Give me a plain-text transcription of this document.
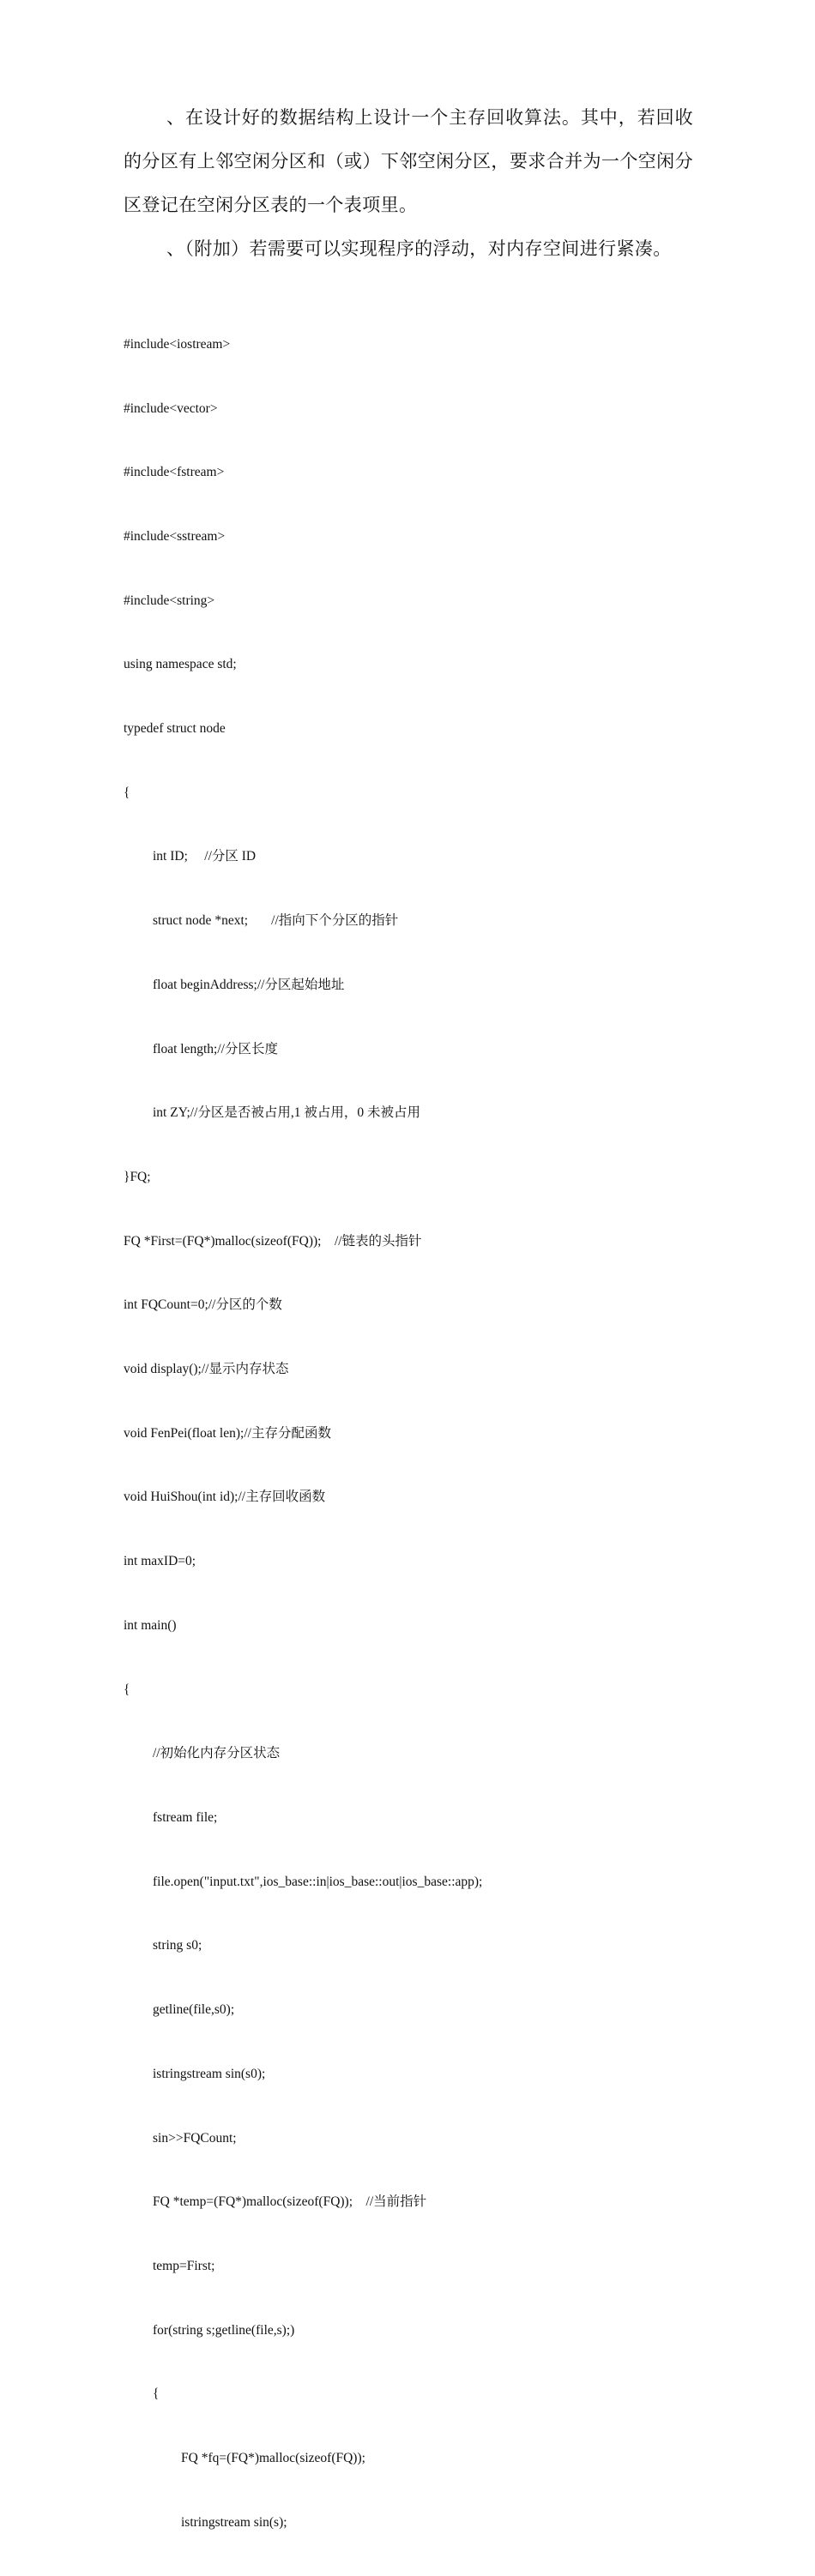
、在设计好的数据结构上设计一个主存回收算法。其中，若回收的分区有上邻空闲分区和（或）下邻空闲分区，要求合并为一个空闲分区登记在空闲分区表的一个表项里。

、（附加）若需要可以实现程序的浮动，对内存空间进行紧凑。

#include<iostream>

#include<vector>

#include<fstream>

#include<sstream>

#include<string>

using namespace std;

typedef struct node

{

int ID;     //分区 ID

struct node *next;       //指向下个分区的指针

float beginAddress;//分区起始地址

float length;//分区长度

int ZY;//分区是否被占用,1 被占用，0 未被占用

}FQ;

FQ *First=(FQ*)malloc(sizeof(FQ));    //链表的头指针

int FQCount=0;//分区的个数

void display();//显示内存状态

void FenPei(float len);//主存分配函数

void HuiShou(int id);//主存回收函数

int maxID=0;

int main()

{

//初始化内存分区状态

fstream file;

file.open("input.txt",ios_base::in|ios_base::out|ios_base::app);

string s0;

getline(file,s0);

istringstream sin(s0);

sin>>FQCount;

FQ *temp=(FQ*)malloc(sizeof(FQ));    //当前指针

temp=First;

for(string s;getline(file,s);)

{

FQ *fq=(FQ*)malloc(sizeof(FQ));

istringstream sin(s);
